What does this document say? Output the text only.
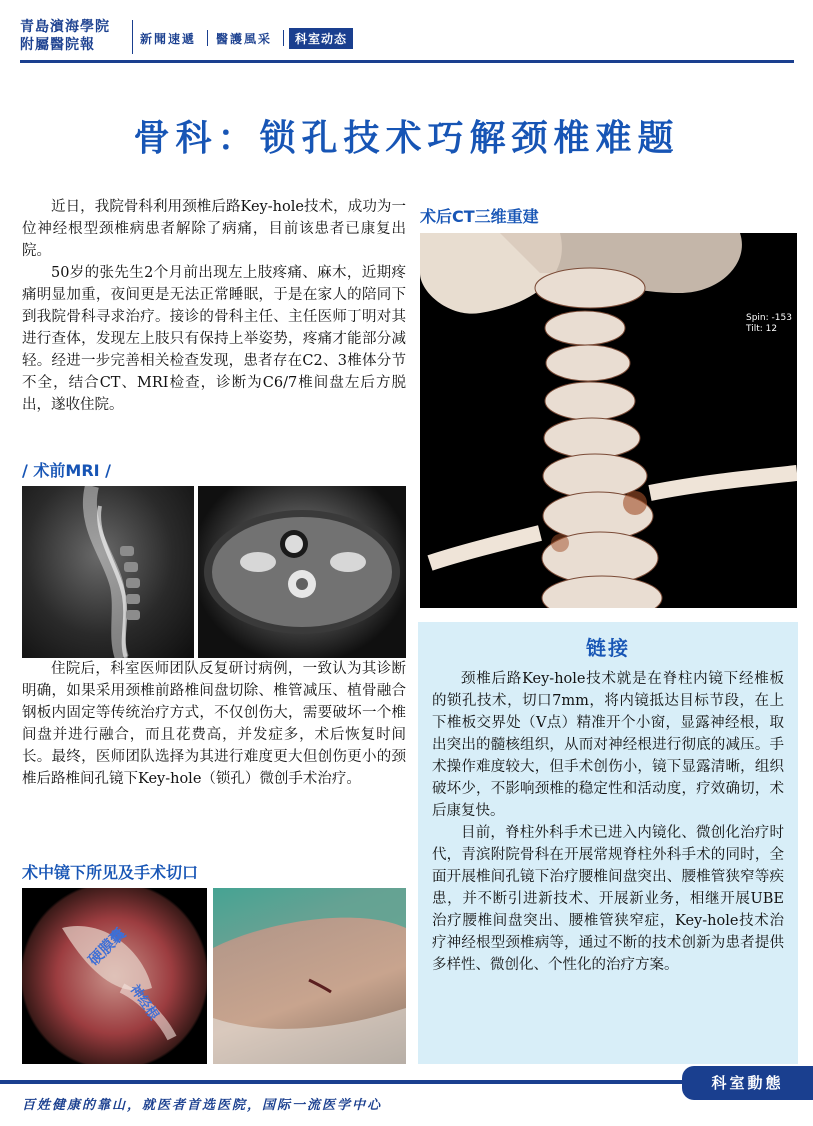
青島濱海學院
附屬醫院報	新聞速遞 醫護風采	科室动态
骨科：锁孔技术巧解颈椎难题

近日，我院骨科利用颈椎后路Key-hole技术，成功为一位神经根型颈椎病患者解除了病痛，目前该患者已康复出院。

50岁的张先生2个月前出现左上肢疼痛、麻木，近期疼痛明显加重，夜间更是无法正常睡眠，于是在家人的陪同下到我院骨科寻求治疗。接诊的骨科主任、主任医师丁明对其进行查体，发现左上肢只有保持上举姿势，疼痛才能部分减轻。经进一步完善相关检查发现，患者存在C2、3椎体分节不全，结合CT、MRI检查，诊断为C6/7椎间盘左后方脱出，遂收住院。

/ 术前MRI /

住院后，科室医师团队反复研讨病例，一致认为其诊断明确，如果采用颈椎前路椎间盘切除、椎管减压、植骨融合钢板内固定等传统治疗方式，不仅创伤大，需要破坏一个椎间盘并进行融合，而且花费高，并发症多，术后恢复时间长。最终，医师团队选择为其进行难度更大但创伤更小的颈椎后路椎间孔镜下Key-hole（锁孔）微创手术治疗。

术中镜下所见及手术切口
硬膜囊
神经根
术后CT三维重建
Spin: -153
Tilt: 12
链接

颈椎后路Key-hole技术就是在脊柱内镜下经椎板的锁孔技术，切口7mm，将内镜抵达目标节段，在上下椎板交界处（V点）精准开个小窗，显露神经根，取出突出的髓核组织，从而对神经根进行彻底的减压。手术操作难度较大，但手术创伤小，镜下显露清晰，组织破坏少，不影响颈椎的稳定性和活动度，疗效确切，术后康复快。

目前，脊柱外科手术已进入内镜化、微创化治疗时代，青滨附院骨科在开展常规脊柱外科手术的同时，全面开展椎间孔镜下治疗腰椎间盘突出、腰椎管狭窄等疾患，并不断引进新技术、开展新业务，相继开展UBE治疗腰椎间盘突出、腰椎管狭窄症，Key-hole技术治疗神经根型颈椎病等，通过不断的技术创新为患者提供多样性、微创化、个性化的治疗方案。

科室動態
百姓健康的靠山，就医者首选医院，国际一流医学中心
